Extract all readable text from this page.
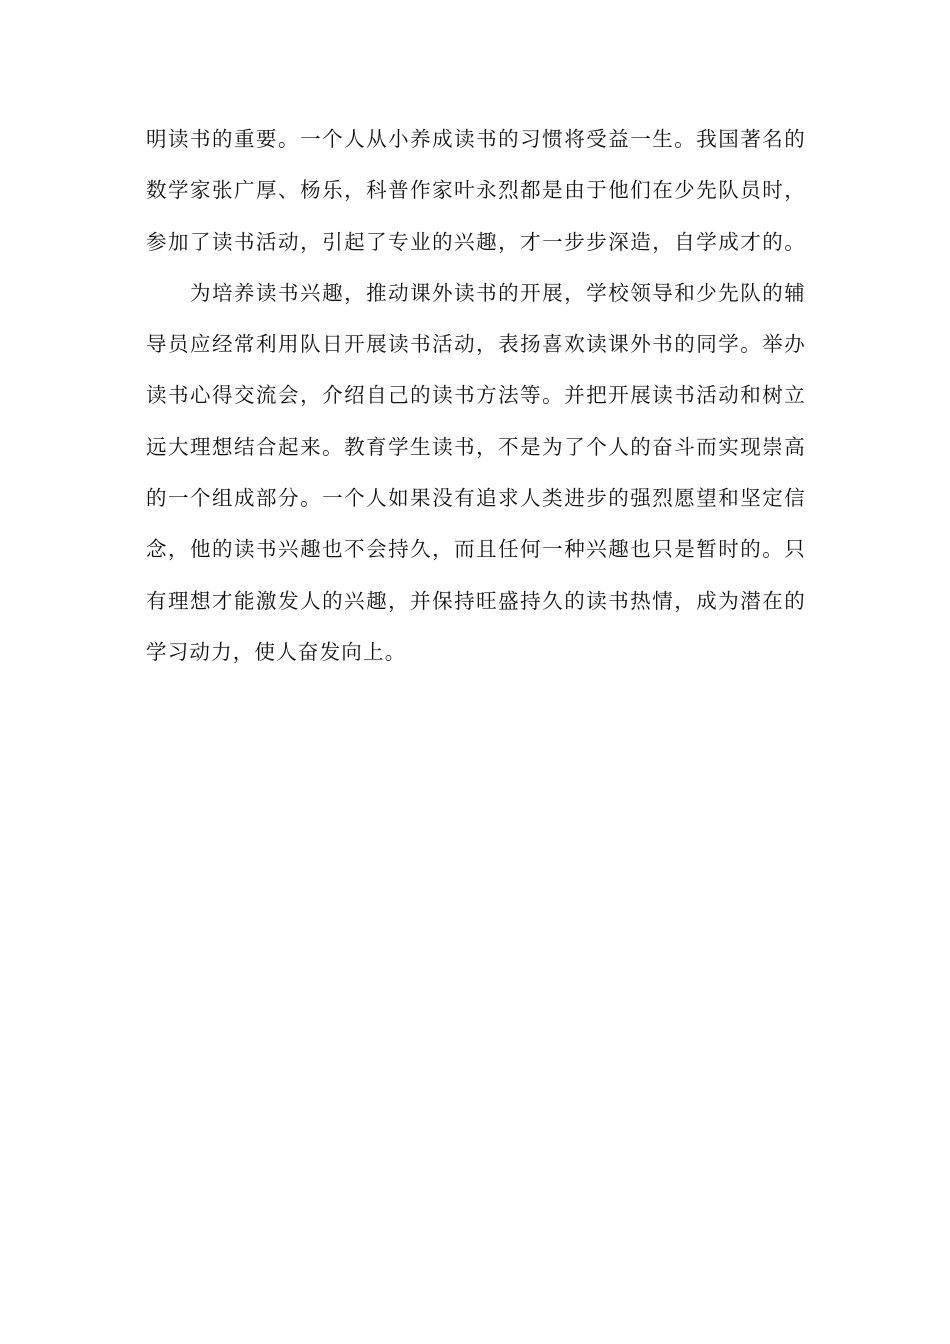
明读书的重要。一个人从小养成读书的习惯将受益一生。我国著名的
数学家张广厚、杨乐，科普作家叶永烈都是由于他们在少先队员时，
参加了读书活动，引起了专业的兴趣，才一步步深造，自学成才的。
为培养读书兴趣，推动课外读书的开展，学校领导和少先队的辅
导员应经常利用队日开展读书活动，表扬喜欢读课外书的同学。举办
读书心得交流会，介绍自己的读书方法等。并把开展读书活动和树立
远大理想结合起来。教育学生读书，不是为了个人的奋斗而实现崇高
的一个组成部分。一个人如果没有追求人类进步的强烈愿望和坚定信
念，他的读书兴趣也不会持久，而且任何一种兴趣也只是暂时的。只
有理想才能激发人的兴趣，并保持旺盛持久的读书热情，成为潜在的
学习动力，使人奋发向上。
